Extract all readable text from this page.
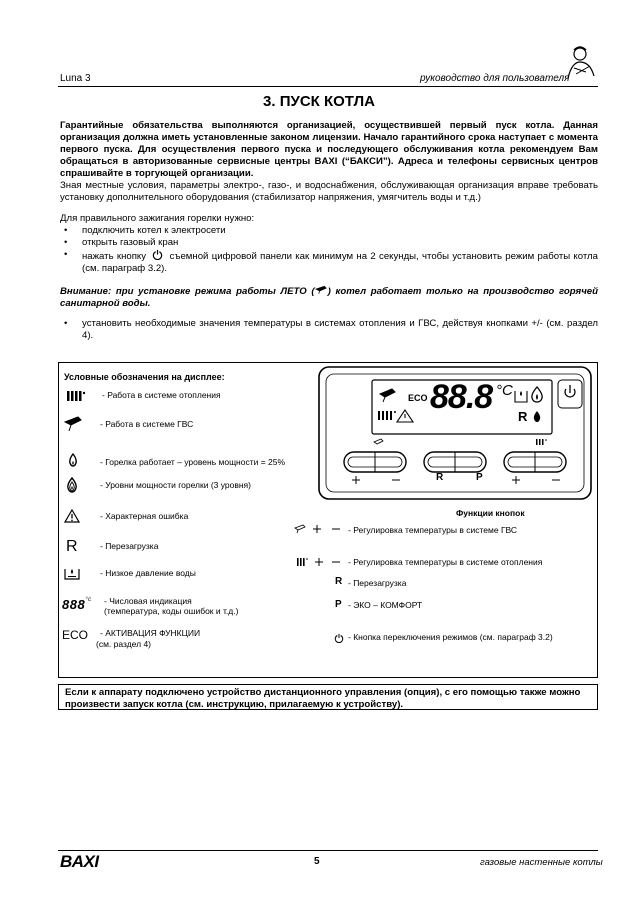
Luna 3	руководство для пользователя
3. ПУСК КОТЛА
Гарантийные обязательства выполняются организацией, осуществившей первый пуск котла. Данная организация должна иметь установленные законом лицензии. Начало гарантийного срока наступает с момента первого пуска. Для осуществления первого пуска и последующего обслуживания котла рекомендуем Вам обращаться в авторизованные сервисные центры BAXI (“БАКСИ”). Адреса и телефоны сервисных центров спрашивайте в торгующей организации.
Зная местные условия, параметры электро-, газо-, и водоснабжения, обслуживающая организация вправе требовать установку дополнительного оборудования (стабилизатор напряжения, умягчитель воды и т.д.)
Для правильного зажигания горелки нужно:
• подключить котел к электросети
• открыть газовый кран
• нажать кнопку съемной цифровой панели как минимум на 2 секунды, чтобы установить режим работы котла (см. параграф 3.2).
Внимание: при установке режима работы ЛЕТО ( ) котел работает только на производство горячей санитарной воды.
• установить необходимые значения температуры в системах отопления и ГВС, действуя кнопками +/- (см. раздел 4).
Условные обозначения на дисплее:
- Работа в системе отопления
- Работа в системе ГВС
- Горелка работает – уровень мощности = 25%
- Уровни мощности горелки (3 уровня)
- Характерная ошибка
R	- Перезагрузка
- Низкое давление воды
$888^{^\circ c}$ - Числовая индикация
(температура, коды ошибок и т.д.)
ECO - АКТИВАЦИЯ ФУНКЦИИ
(см. раздел 4)
ECO 88.8 °C
R
R	P
Функции кнопок
- Регулировка температуры в системе ГВС
- Регулировка температуры в системе отопления
R - Перезагрузка
P - ЭКО – КОМФОРТ
- Кнопка переключения режимов (см. параграф 3.2)
Если к аппарату подключено устройство дистанционного управления (опция), с его помощью также можно произвести запуск котла (см. инструкцию, прилагаемую к устройству).
BAXI	5	газовые настенные котлы
